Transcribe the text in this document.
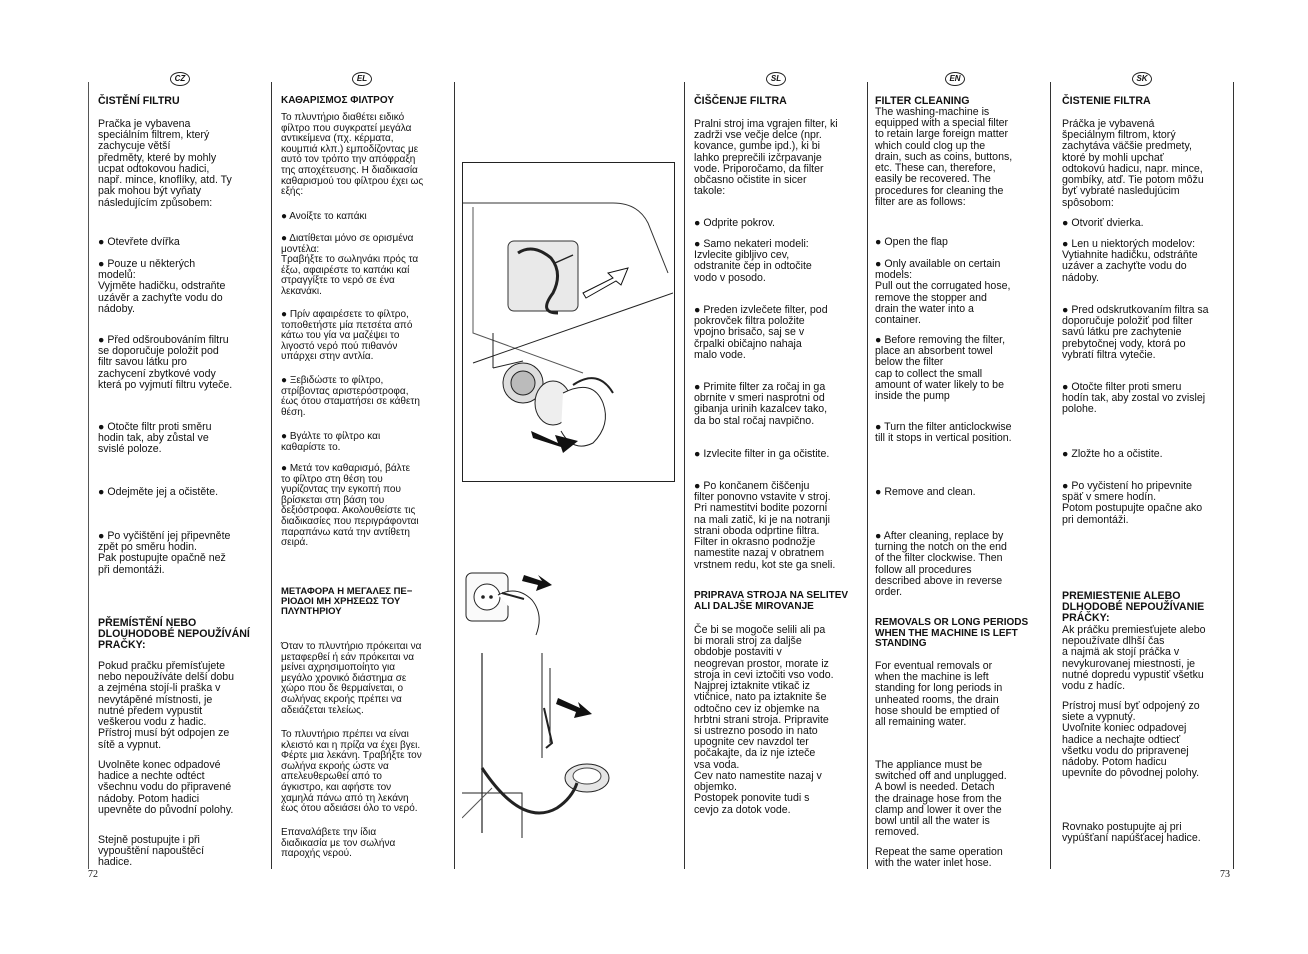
CZ	EL	SL	EN	SK

ČISTĚNÍ FILTRU

Pračka je vybavena
speciálním filtrem, který
zachycuje větší
předměty, které by mohly
ucpat odtokovou hadici,
např. mince, knoflíky, atd. Ty
pak mohou být vyňaty
následujícím způsobem:

● Otevřete dvířka

● Pouze u některých
modelů:
Vyjměte hadičku, odstraňte
uzávěr a zachyťte vodu do
nádoby.

● Před odšroubováním filtru
se doporučuje položit pod
filtr savou látku pro
zachycení zbytkové vody
která po vyjmutí filtru vyteče.

● Otočte filtr proti směru
hodin tak, aby zůstal ve
svislé poloze.

● Odejměte jej a očistěte.

● Po vyčištění jej připevněte
zpět po směru hodin.
Pak postupujte opačně než
při demontáži.

PŘEMÍSTĚNÍ NEBO
DLOUHODOBÉ NEPOUŽÍVÁNÍ
PRAČKY:

Pokud pračku přemísťujete
nebo nepoužíváte delší dobu
a zejména stojí-li praška v
nevytápěné místnosti, je
nutné předem vypustit
veškerou vodu z hadic.
Přístroj musí být odpojen ze
sítě a vypnut.

Uvolněte konec odpadové
hadice a nechte odtéct
všechnu vodu do připravené
nádoby. Potom hadici
upevněte do původní polohy.

Stejně postupujte i při
vypouštění napouštěcí
hadice.

ΚΑΘΑΡΙΣΜΟΣ ΦΙΛΤΡΟΥ

Το πλυντήριο διαθέτει ειδικό
φίλτρο που συγκρατεί μεγάλα
αντικείμενα (πχ. κέρματα,
κουμπιά κλπ.) εμποδίζοντας με
αυτό τον τρόπο την απόφραξη
της αποχέτευσης. Η διαδικασία
καθαρισμού του φίλτρου έχει ως
εξής:

● Ανοίξτε το καπάκι

● Διατίθεται μόνο σε ορισμένα
μοντέλα:
Τραβήξτε το σωληνάκι πρός τα
έξω, αφαιρέστε το καπάκι καί
στραγγίξτε το νερό σε ένα
λεκανάκι.

● Πρίν αφαιρέσετε το φίλτρο,
τοποθετήστε μία πετσέτα από
κάτω του γία να μαζέψει το
λιγοστό νερό πού πιθανόν
υπάρχει στην αντλία.

● Ξεβιδώστε το φίλτρο,
στρίβοντας αριστερόστροφα,
έως ότου σταματήσει σε κάθετη
θέση.

● Βγάλτε το φίλτρο και
καθαρίστε το.

● Μετά τον καθαρισμό, βάλτε
το φίλτρο στη θέση του
γυρίζοντας την εγκοπή που
βρίσκεται στη βάση του
δεξιόστροφα. Ακολουθείστε τις
διαδικασίες που περιγράφονται
παραπάνω κατά την αντίθετη
σειρά.

ΜΕΤΑΦΟΡΑ Η ΜΕΓΑΛΕΣ ΠΕ−
ΡΙΟΔΟΙ ΜΗ ΧΡΗΣΕΩΣ ΤΟΥ
ΠΛΥΝΤΗΡΙΟΥ

Όταν το πλυντήριο πρόκειται να
μεταφερθεί ή εάν πρόκειται να
μείνει αχρησιμοποίητο για
μεγάλο χρονικό διάστημα σε
χώρο που δε θερμαίνεται, ο
σωλήνας εκροής πρέπει να
αδειάζεται τελείως.

Το πλυντήριο πρέπει να είναι
κλειστό και η πρίζα να έχει βγει.
Φέρτε μια λεκάνη. Τραβήξτε τον
σωλήνα εκροής ώστε να
απελευθερωθεί από το
άγκιστρο, και αφήστε τον
χαμηλά πάνω από τη λεκάνη
έως ότου αδειάσει όλο το νερό.

Επαναλάβετε την ίδια
διαδικασία με τον σωλήνα
παροχής νερού.

ČIŠČENJE FILTRA

Pralni stroj ima vgrajen filter, ki
zadrži vse večje delce (npr.
kovance, gumbe ipd.), ki bi
lahko preprečili izčrpavanje
vode. Priporočamo, da filter
občasno očistite in sicer
takole:

● Odprite pokrov.

● Samo nekateri modeli:
Izvlecite gibljivo cev,
odstranite čep in odtočite
vodo v posodo.

● Preden izvlečete filter, pod
pokrovček filtra položite
vpojno brisačo, saj se v
črpalki običajno nahaja
malo vode.

● Primite filter za ročaj in ga
obrnite v smeri nasprotni od
gibanja urinih kazalcev tako,
da bo stal ročaj navpično.

● Izvlecite filter in ga očistite.

● Po končanem čiščenju
filter ponovno vstavite v stroj.
Pri namestitvi bodite pozorni
na mali zatič, ki je na notranji
strani oboda odprtine filtra.
Filter in okrasno podnožje
namestite nazaj v obratnem
vrstnem redu, kot ste ga sneli.

PRIPRAVA STROJA NA SELITEV
ALI DALJŠE MIROVANJE

Če bi se mogoče selili ali pa
bi morali stroj za daljše
obdobje postaviti v
neogrevan prostor, morate iz
stroja in cevi iztočiti vso vodo.
Najprej iztaknite vtikač iz
vtičnice, nato pa iztaknite še
odtočno cev iz objemke na
hrbtni strani stroja. Pripravite
si ustrezno posodo in nato
upognite cev navzdol ter
počakajte, da iz nje izteče
vsa voda.
Cev nato namestite nazaj v
objemko.
Postopek ponovite tudi s
cevjo za dotok vode.

FILTER CLEANING

The washing-machine is
equipped with a special filter
to retain large foreign matter
which could clog up the
drain, such as coins, buttons,
etc. These can, therefore,
easily be recovered. The
procedures for cleaning the
filter are as follows:

● Open the flap

● Only available on certain
models:
Pull out the corrugated hose,
remove the stopper and
drain the water into a
container.

● Before removing the filter,
place an absorbent towel
below the filter
cap to collect the small
amount of water likely to be
inside the pump

● Turn the filter anticlockwise
till it stops in vertical position.

● Remove and clean.

● After cleaning, replace by
turning the notch on the end
of the filter clockwise. Then
follow all procedures
described above in reverse
order.

REMOVALS OR LONG PERIODS
WHEN THE MACHINE IS LEFT
STANDING

For eventual removals or
when the machine is left
standing for long periods in
unheated rooms, the drain
hose should be emptied of
all remaining water.

The appliance must be
switched off and unplugged.
A bowl is needed. Detach
the drainage hose from the
clamp and lower it over the
bowl until all the water is
removed.

Repeat the same operation
with the water inlet hose.

ČISTENIE FILTRA

Práčka je vybavená
špeciálnym filtrom, ktorý
zachytáva väčšie predmety,
ktoré by mohli upchať
odtokovú hadicu, napr. mince,
gombíky, atď. Tie potom môžu
byť vybraté nasledujúcim
spôsobom:

● Otvoriť dvierka.

● Len u niektorých modelov:
Vytiahnite hadičku, odstráňte
uzáver a zachyťte vodu do
nádoby.

● Pred odskrutkovaním filtra sa
doporučuje položiť pod filter
savú látku pre zachytenie
prebytočnej vody, ktorá po
vybratí filtra vytečie.

● Otočte filter proti smeru
hodín tak, aby zostal vo zvislej
polohe.

● Zložte ho a očistite.

● Po vyčistení ho pripevnite
späť v smere hodín.
Potom postupujte opačne ako
pri demontáži.

PREMIESTENIE ALEBO
DLHODOBÉ NEPOUŽÍVANIE
PRÁČKY:

Ak práčku premiesťujete alebo
nepoužívate dlhší čas
a najmä ak stojí práčka v
nevykurovanej miestnosti, je
nutné dopredu vypustiť všetku
vodu z hadíc.

Prístroj musí byť odpojený zo
siete a vypnutý.
Uvoľnite koniec odpadovej
hadice a nechajte odtiecť
všetku vodu do pripravenej
nádoby. Potom hadicu
upevnite do pôvodnej polohy.

Rovnako postupujte aj pri
vypúšťaní napúšťacej hadice.

72	73
